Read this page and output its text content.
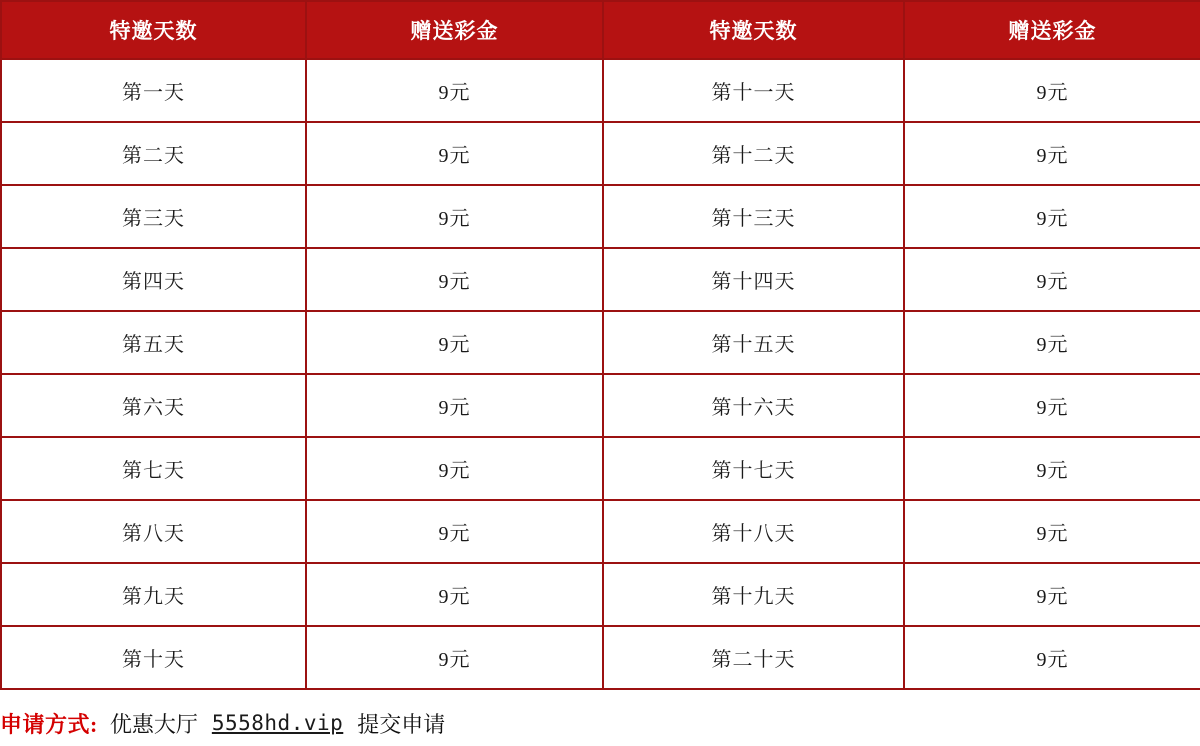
特邀天数	赠送彩金	特邀天数	赠送彩金
第一天	9元	第十一天	9元
第二天	9元	第十二天	9元
第三天	9元	第十三天	9元
第四天	9元	第十四天	9元
第五天	9元	第十五天	9元
第六天	9元	第十六天	9元
第七天	9元	第十七天	9元
第八天	9元	第十八天	9元
第九天	9元	第十九天	9元
第十天	9元	第二十天	9元
申请方式: 优惠大厅 5558hd.vip 提交申请
